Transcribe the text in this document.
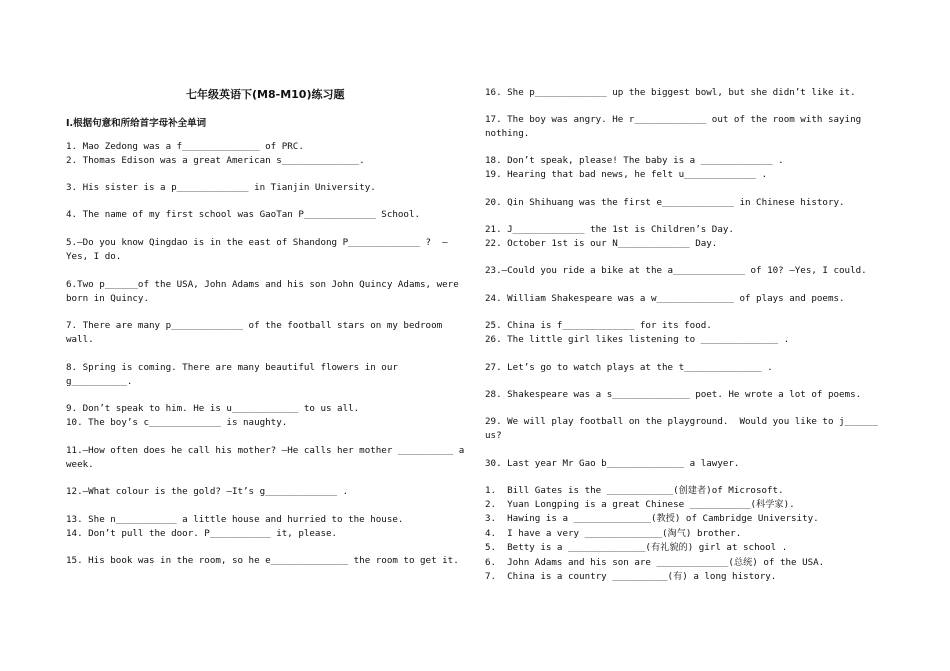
七年级英语下(M8-M10)练习题
I.根据句意和所给首字母补全单词
1. Mao Zedong was a f______________ of PRC.
2. Thomas Edison was a great American s______________.
3. His sister is a p_____________ in Tianjin University.
4. The name of my first school was GaoTan P_____________ School.
5.—Do you know Qingdao is in the east of Shandong P_____________ ?  —Yes, I do.
6.Two p______of the USA, John Adams and his son John Quincy Adams, were born in Quincy.
7. There are many p_____________ of the football stars on my bedroom wall.
8. Spring is coming. There are many beautiful flowers in our g__________.
9. Don’t speak to him. He is u____________ to us all.
10. The boy’s c_____________ is naughty.
11.—How often does he call his mother? —He calls her mother __________ a week.
12.—What colour is the gold? —It’s g_____________ .
13. She n___________ a little house and hurried to the house.
14. Don’t pull the door. P___________ it, please.
15. His book was in the room, so he e______________ the room to get it.
16. She p_____________ up the biggest bowl, but she didn’t like it.
17. The boy was angry. He r_____________ out of the room with saying nothing.
18. Don’t speak, please! The baby is a _____________ .
19. Hearing that bad news, he felt u_____________ .
20. Qin Shihuang was the first e_____________ in Chinese history.
21. J_____________ the 1st is Children’s Day.
22. October 1st is our N_____________ Day.
23.—Could you ride a bike at the a_____________ of 10? —Yes, I could.
24. William Shakespeare was a w______________ of plays and poems.
25. China is f_____________ for its food.
26. The little girl likes listening to ______________ .
27. Let’s go to watch plays at the t______________ .
28. Shakespeare was a s______________ poet. He wrote a lot of poems.
29. We will play football on the playground.  Would you like to j______ us?
30. Last year Mr Gao b______________ a lawyer.
1.  Bill Gates is the ____________(创建者)of Microsoft.
2.  Yuan Longping is a great Chinese ___________(科学家).
3.  Hawing is a ______________(教授) of Cambridge University.
4.  I have a very ______________(淘气) brother.
5.  Betty is a ______________(有礼貌的) girl at school .
6.  John Adams and his son are _____________(总统) of the USA.
7.  China is a country __________(有) a long history.
